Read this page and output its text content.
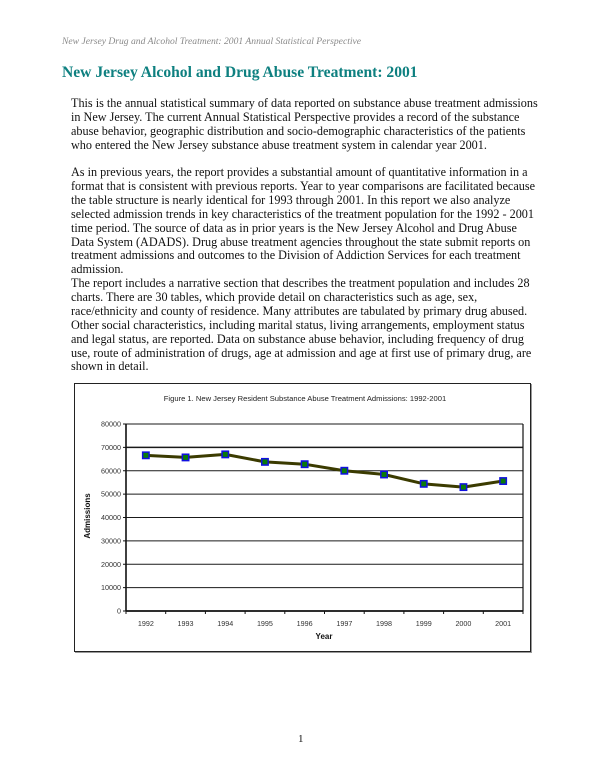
New Jersey Drug and Alcohol Treatment: 2001 Annual Statistical Perspective
New Jersey Alcohol and Drug Abuse Treatment: 2001

This is the annual statistical summary of data reported on substance abuse treatment admissions in New Jersey. The current Annual Statistical Perspective provides a record of the substance abuse behavior, geographic distribution and socio-demographic characteristics of the patients who entered the New Jersey substance abuse treatment system in calendar year 2001.

As in previous years, the report provides a substantial amount of quantitative information in a format that is consistent with previous reports. Year to year comparisons are facilitated because the table structure is nearly identical for 1993 through 2001. In this report we also analyze selected admission trends in key characteristics of the treatment population for the 1992 - 2001 time period. The source of data as in prior years is the New Jersey Alcohol and Drug Abuse Data System (ADADS). Drug abuse treatment agencies throughout the state submit reports on treatment admissions and outcomes to the Division of Addiction Services for each treatment admission.

The report includes a narrative section that describes the treatment population and includes 28 charts. There are 30 tables, which provide detail on characteristics such as age, sex, race/ethnicity and county of residence. Many attributes are tabulated by primary drug abused. Other social characteristics, including marital status, living arrangements, employment status and legal status, are reported. Data on substance abuse behavior, including frequency of drug use, route of administration of drugs, age at admission and age at first use of primary drug, are shown in detail.

Figure 1. New Jersey Resident Substance Abuse Treatment Admissions: 1992-2001
0
10000
20000
30000
40000
50000
60000
70000
80000
1992	1993	1994	1995	1996	1997	1998	1999	2000	2001
Admissions
Year
1
